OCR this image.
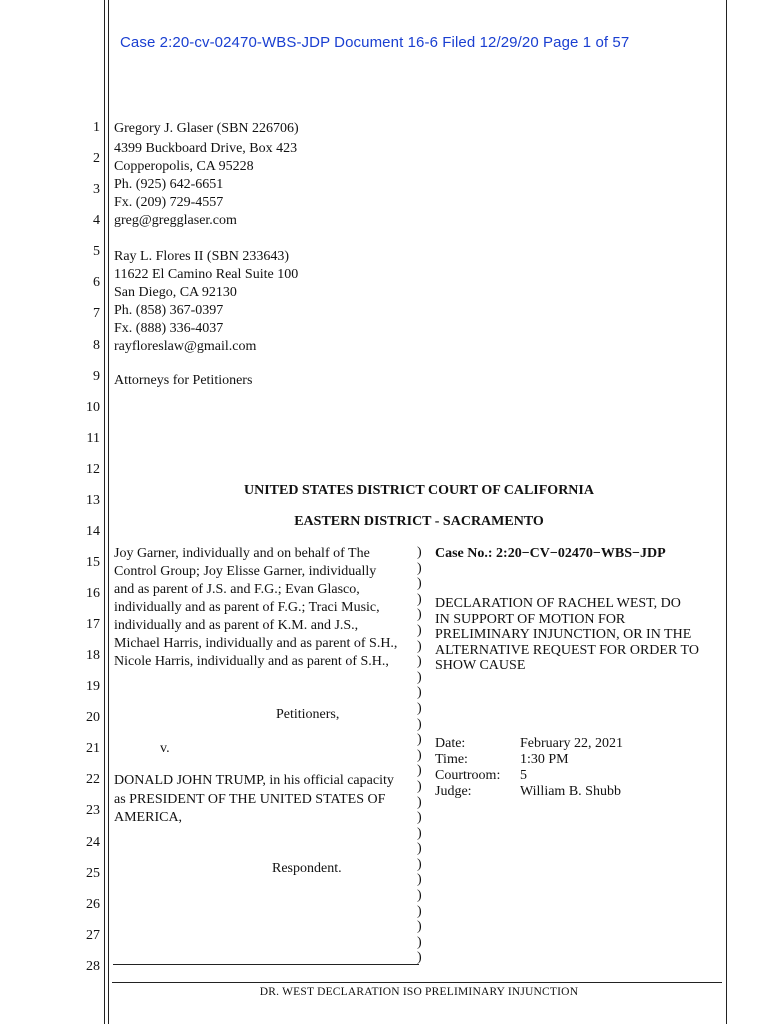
Case 2:20-cv-02470-WBS-JDP Document 16-6 Filed 12/29/20 Page 1 of 57
1
2
3
4
5
6
7
8
9
10
11
12
13
14
15
16
17
18
19
20
21
22
23
24
25
26
27
28
Gregory J. Glaser (SBN 226706)
4399 Buckboard Drive, Box 423
Copperopolis, CA 95228
Ph. (925) 642-6651
Fx. (209) 729-4557
greg@gregglaser.com
Ray L. Flores II (SBN 233643)
11622 El Camino Real Suite 100
San Diego, CA 92130
Ph. (858) 367-0397
Fx. (888) 336-4037
rayfloreslaw@gmail.com
Attorneys for Petitioners
UNITED STATES DISTRICT COURT OF CALIFORNIA
EASTERN DISTRICT - SACRAMENTO
Joy Garner, individually and on behalf of The
Control Group; Joy Elisse Garner, individually
and as parent of J.S. and F.G.; Evan Glasco,
individually and as parent of F.G.; Traci Music,
individually and as parent of K.M. and J.S.,
Michael Harris, individually and as parent of S.H.,
Nicole Harris, individually and as parent of S.H.,
Petitioners,
v.
DONALD JOHN TRUMP, in his official capacity
as PRESIDENT OF THE UNITED STATES OF
AMERICA,
Respondent.
)
)
)
)
)
)
)
)
)
)
)
)
)
)
)
)
)
)
)
)
)
)
)
)
)
)
)
Case No.: 2:20−CV−02470−WBS−JDP
DECLARATION OF RACHEL WEST, DO
IN SUPPORT OF MOTION FOR
PRELIMINARY INJUNCTION, OR IN THE
ALTERNATIVE REQUEST FOR ORDER TO
SHOW CAUSE
Date:	February 22, 2021
Time:	1:30 PM
Courtroom: 5
Judge:	William B. Shubb
DR. WEST DECLARATION ISO PRELIMINARY INJUNCTION
